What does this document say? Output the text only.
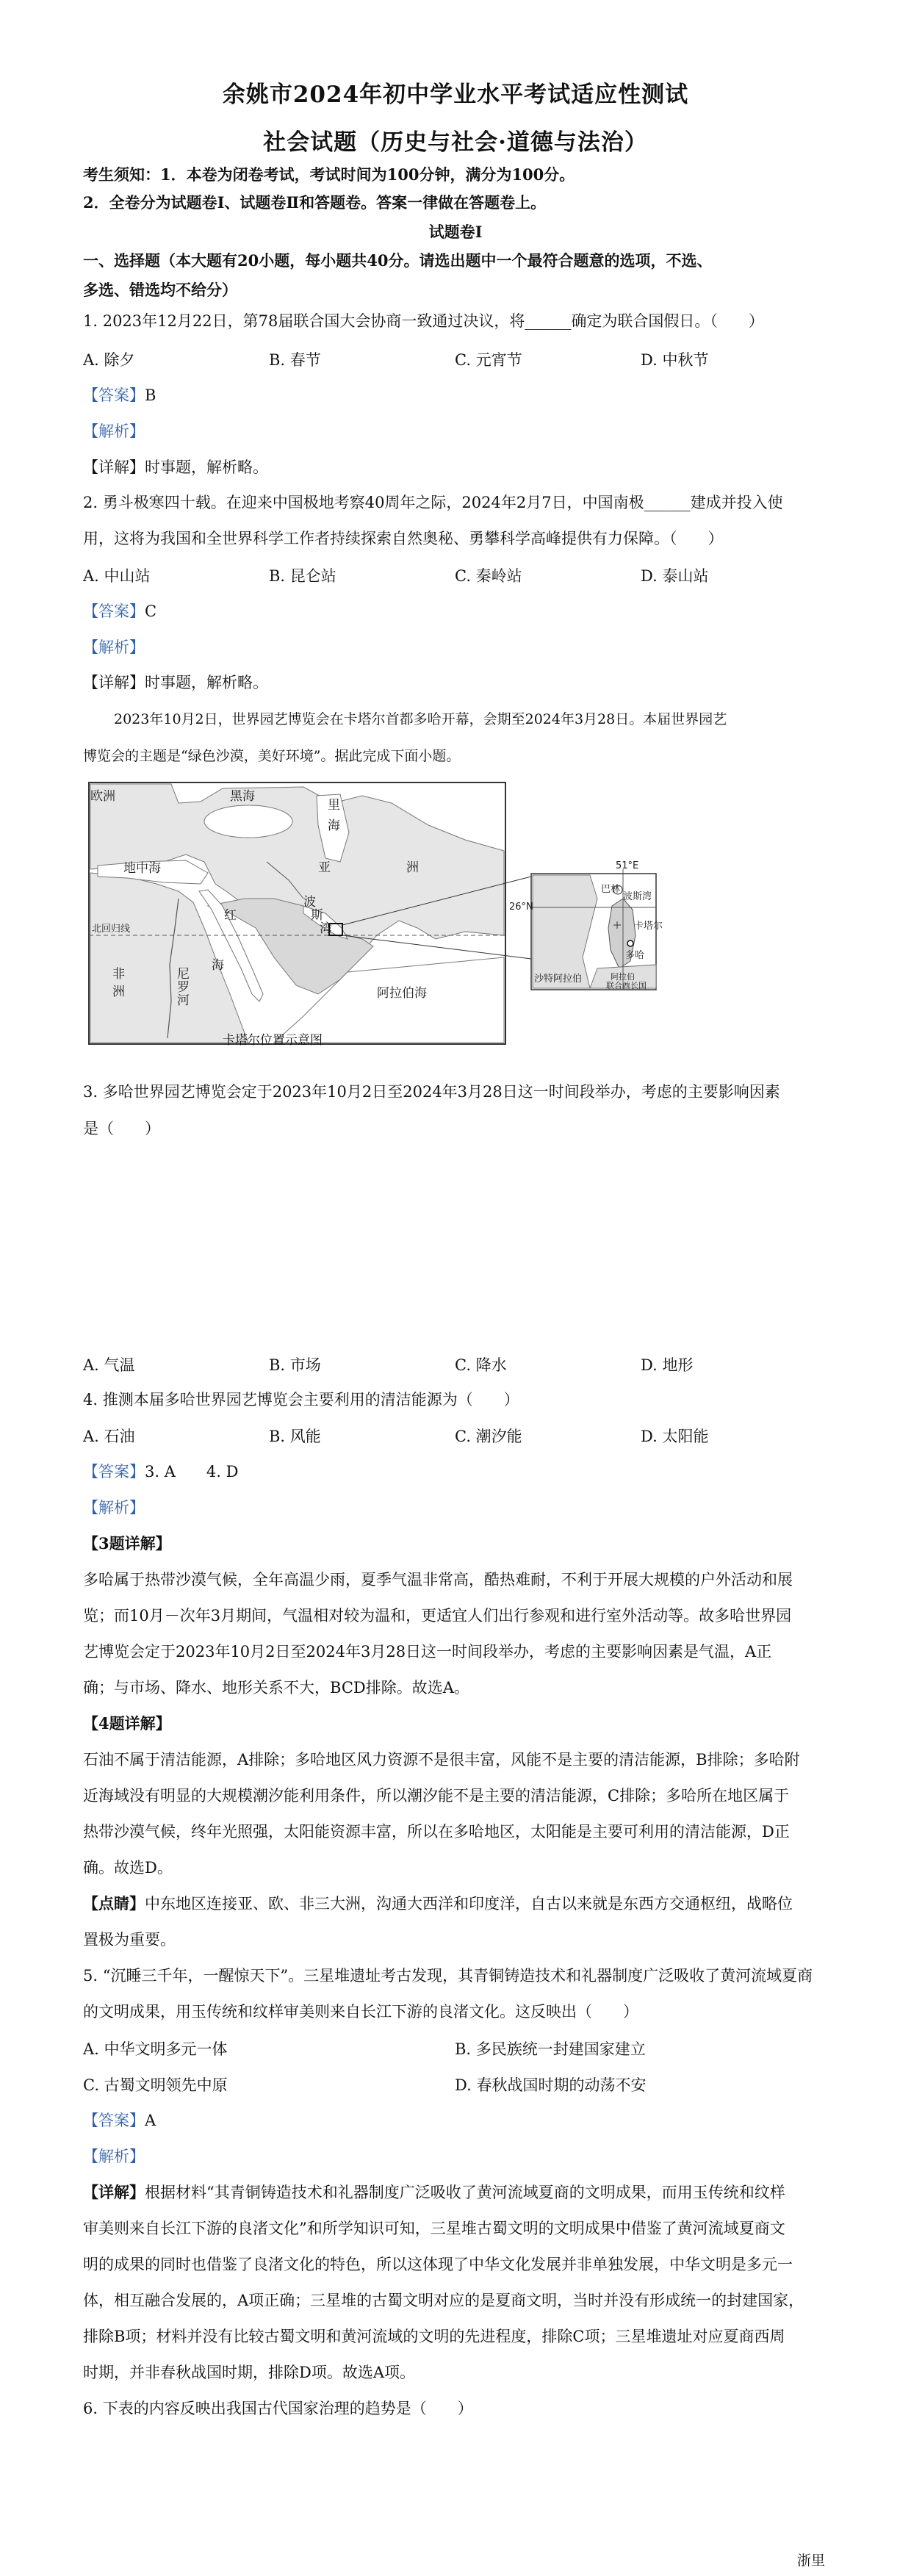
余姚市2024年初中学业水平考试适应性测试
社会试题（历史与社会·道德与法治）
考生须知：1．本卷为闭卷考试，考试时间为100分钟，满分为100分。
2．全卷分为试题卷Ⅰ、试题卷Ⅱ和答题卷。答案一律做在答题卷上。
试题卷Ⅰ
一、选择题（本大题有20小题，每小题共40分。请选出题中一个最符合题意的选项，不选、
多选、错选均不给分）
1. 2023年12月22日，第78届联合国大会协商一致通过决议，将______确定为联合国假日。（　　）
A. 除夕	B. 春节	C. 元宵节	D. 中秋节
【答案】B
【解析】
【详解】时事题，解析略。
2. 勇斗极寒四十载。在迎来中国极地考察40周年之际，2024年2月7日，中国南极______建成并投入使
用，这将为我国和全世界科学工作者持续探索自然奥秘、勇攀科学高峰提供有力保障。（　　）
A. 中山站	B. 昆仑站	C. 秦岭站	D. 泰山站
【答案】C
【解析】
【详解】时事题，解析略。
2023年10月2日，世界园艺博览会在卡塔尔首都多哈开幕，会期至2024年3月28日。本届世界园艺
博览会的主题是“绿色沙漠，美好环境”。据此完成下面小题。
欧洲	黑海
里
海
地中海	亚	洲
波
斯
湾
北回归线
非
洲
尼
罗
河
红
海
阿拉伯海
51°E
26°N
巴林
波斯湾
卡塔尔
多哈
沙特阿拉伯	阿拉伯
联合酋长国
卡塔尔位置示意图
3. 多哈世界园艺博览会定于2023年10月2日至2024年3月28日这一时间段举办，考虑的主要影响因素
是（　　）
A. 气温	B. 市场	C. 降水	D. 地形
4. 推测本届多哈世界园艺博览会主要利用的清洁能源为（　　）
A. 石油	B. 风能	C. 潮汐能	D. 太阳能
【答案】3. A　　4. D
【解析】
【3题详解】
多哈属于热带沙漠气候，全年高温少雨，夏季气温非常高，酷热难耐，不利于开展大规模的户外活动和展
览；而10月－次年3月期间，气温相对较为温和，更适宜人们出行参观和进行室外活动等。故多哈世界园
艺博览会定于2023年10月2日至2024年3月28日这一时间段举办，考虑的主要影响因素是气温，A正
确；与市场、降水、地形关系不大，BCD排除。故选A。
【4题详解】
石油不属于清洁能源，A排除；多哈地区风力资源不是很丰富，风能不是主要的清洁能源，B排除；多哈附
近海域没有明显的大规模潮汐能利用条件，所以潮汐能不是主要的清洁能源，C排除；多哈所在地区属于
热带沙漠气候，终年光照强，太阳能资源丰富，所以在多哈地区，太阳能是主要可利用的清洁能源，D正
确。故选D。
【点睛】中东地区连接亚、欧、非三大洲，沟通大西洋和印度洋，自古以来就是东西方交通枢纽，战略位
置极为重要。
5. “沉睡三千年，一醒惊天下”。三星堆遗址考古发现，其青铜铸造技术和礼器制度广泛吸收了黄河流域夏商
的文明成果，用玉传统和纹样审美则来自长江下游的良渚文化。这反映出（　　）
A. 中华文明多元一体	B. 多民族统一封建国家建立
C. 古蜀文明领先中原	D. 春秋战国时期的动荡不安
【答案】A
【解析】
【详解】根据材料“其青铜铸造技术和礼器制度广泛吸收了黄河流域夏商的文明成果，而用玉传统和纹样
审美则来自长江下游的良渚文化”和所学知识可知，三星堆古蜀文明的文明成果中借鉴了黄河流域夏商文
明的成果的同时也借鉴了良渚文化的特色，所以这体现了中华文化发展并非单独发展，中华文明是多元一
体，相互融合发展的，A项正确；三星堆的古蜀文明对应的是夏商文明，当时并没有形成统一的封建国家，
排除B项；材料并没有比较古蜀文明和黄河流域的文明的先进程度，排除C项；三星堆遗址对应夏商西周
时期，并非春秋战国时期，排除D项。故选A项。
6. 下表的内容反映出我国古代国家治理的趋势是（　　）
浙里
